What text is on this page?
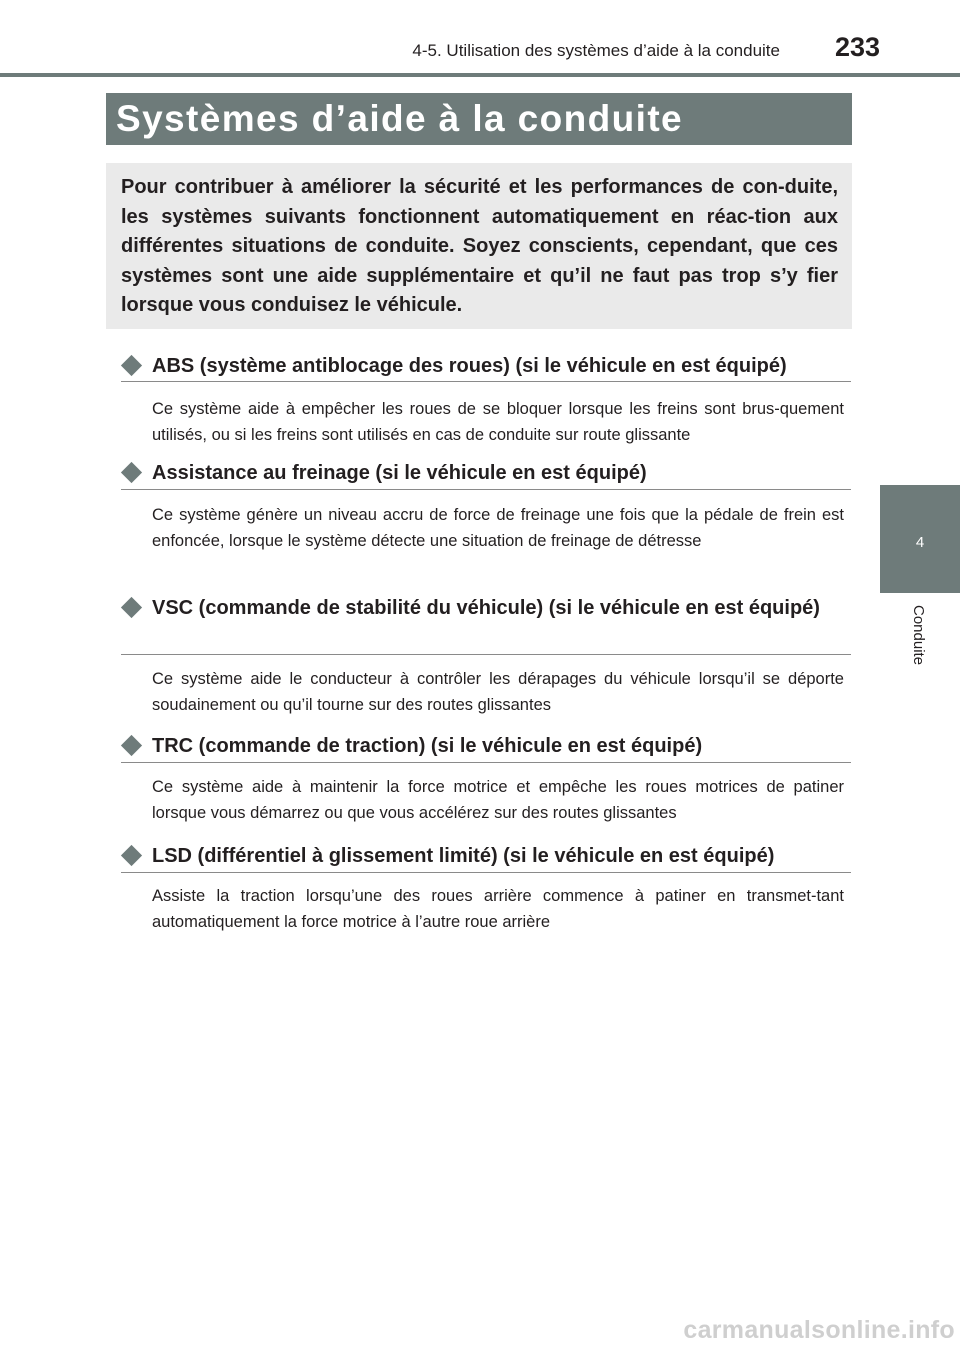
4-5. Utilisation des systèmes d’aide à la conduite	233
Systèmes d’aide à la conduite
Pour contribuer à améliorer la sécurité et les performances de con-duite, les systèmes suivants fonctionnent automatiquement en réac-tion aux différentes situations de conduite. Soyez conscients, cependant, que ces systèmes sont une aide supplémentaire et qu’il ne faut pas trop s’y fier lorsque vous conduisez le véhicule.
ABS (système antiblocage des roues) (si le véhicule en est équipé)
Ce système aide à empêcher les roues de se bloquer lorsque les freins sont brus-quement utilisés, ou si les freins sont utilisés en cas de conduite sur route glissante
Assistance au freinage (si le véhicule en est équipé)
Ce système génère un niveau accru de force de freinage une fois que la pédale de frein est enfoncée, lorsque le système détecte une situation de freinage de détresse
VSC (commande de stabilité du véhicule) (si le véhicule en est équipé)
Ce système aide le conducteur à contrôler les dérapages du véhicule lorsqu’il se déporte soudainement ou qu’il tourne sur des routes glissantes
TRC (commande de traction) (si le véhicule en est équipé)
Ce système aide à maintenir la force motrice et empêche les roues motrices de patiner lorsque vous démarrez ou que vous accélérez sur des routes glissantes
LSD (différentiel à glissement limité) (si le véhicule en est équipé)
Assiste la traction lorsqu’une des roues arrière commence à patiner en transmet-tant automatiquement la force motrice à l’autre roue arrière
4
Conduite
carmanualsonline.info
